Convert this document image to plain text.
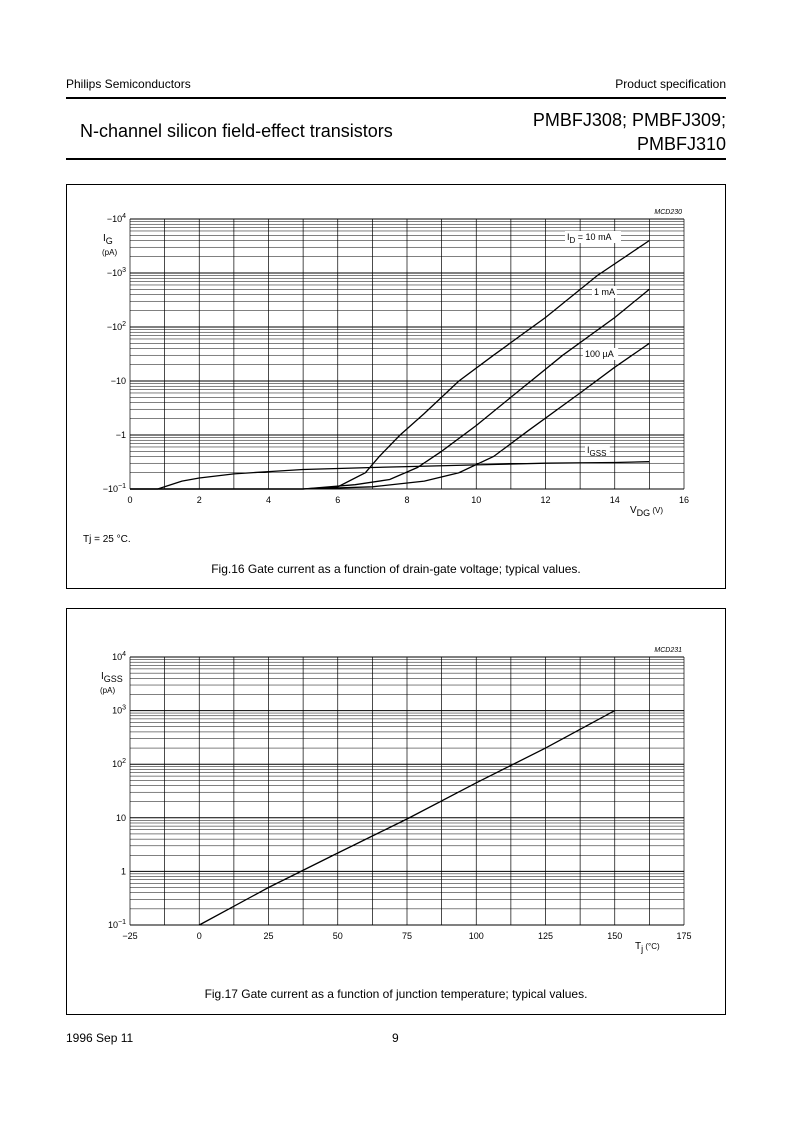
Philips Semiconductors	Product specification
N-channel silicon field-effect transistors
PMBFJ308; PMBFJ309;
PMBFJ310
0	2	4	6	8	10	12	14	16
$-10^{-1}$
−1
−10
$-10^2$
$-10^3$
$-10^4$
IG
(pA)
VDG $^{(V)}$
MCD230
ID = 10 mA
1 mA
100 µA
IGSS
Tj = 25 °C.
Fig.16 Gate current as a function of drain-gate voltage; typical values.
−25	0	25	50	75	100	125	150	175
$10^{-1}$
1
10
$10^2$
$10^3$
$10^4$
IGSS
(pA)
Tj $^{(^\circ C)}$
MCD231
Fig.17 Gate current as a function of junction temperature; typical values.
1996 Sep 11	9
